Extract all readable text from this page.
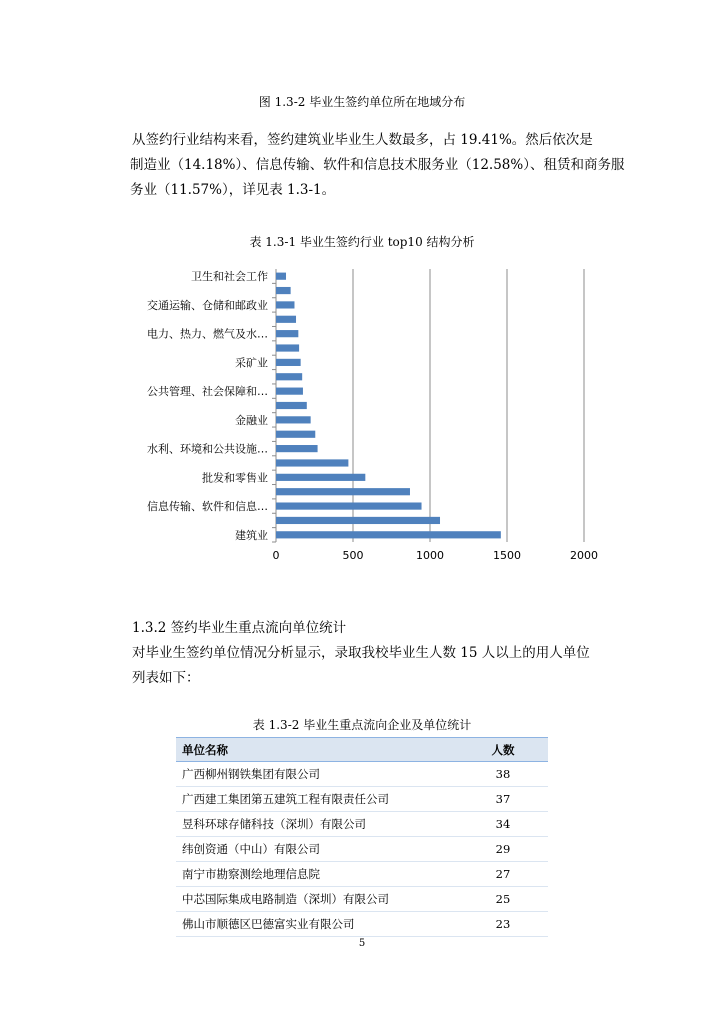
图 1.3-2 毕业生签约单位所在地域分布
从签约行业结构来看，签约建筑业毕业生人数最多，占 19.41%。然后依次是
制造业（14.18%）、信息传输、软件和信息技术服务业（12.58%）、租赁和商务服
务业（11.57%），详见表 1.3-1。
表 1.3-1 毕业生签约行业 top10 结构分析
0	500	1000	1500	2000
建筑业
信息传输、软件和信息…
批发和零售业
水利、环境和公共设施…
金融业
公共管理、社会保障和…
采矿业
电力、热力、燃气及水…
交通运输、仓储和邮政业
卫生和社会工作
1.3.2 签约毕业生重点流向单位统计
对毕业生签约单位情况分析显示，录取我校毕业生人数 15 人以上的用人单位
列表如下：
表 1.3-2 毕业生重点流向企业及单位统计
单位名称	人数
广西柳州钢铁集团有限公司	38
广西建工集团第五建筑工程有限责任公司	37
昱科环球存储科技（深圳）有限公司	34
纬创资通（中山）有限公司	29
南宁市勘察测绘地理信息院	27
中芯国际集成电路制造（深圳）有限公司	25
佛山市顺德区巴德富实业有限公司	23
5
